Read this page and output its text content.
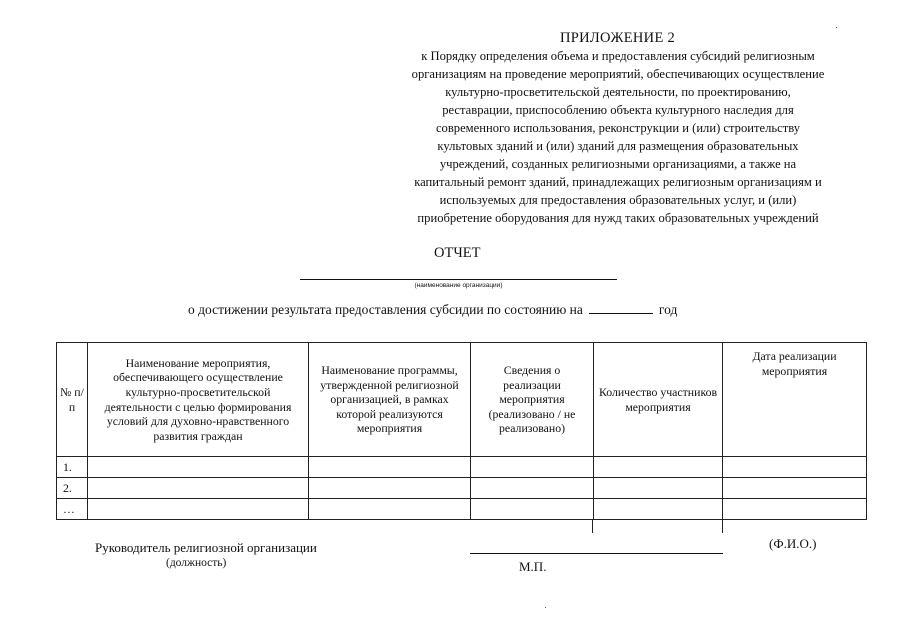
ПРИЛОЖЕНИЕ 2
к Порядку определения объема и предоставления субсидий религиозным
организациям на проведение мероприятий, обеспечивающих осуществление
культурно-просветительской деятельности, по проектированию,
реставрации, приспособлению объекта культурного наследия для
современного использования, реконструкции и (или) строительству
культовых зданий и (или) зданий для размещения образовательных
учреждений, созданных религиозными организациями, а также на
капитальный ремонт зданий, принадлежащих религиозным организациям и
используемых для предоставления образовательных услуг, и (или)
приобретение оборудования для нужд таких образовательных учреждений
ОТЧЕТ
(наименование организации)
о достижении результата предоставления субсидии по состоянию на	год
№ п/п	Наименование мероприятия, обеспечивающего осуществление культурно-просветительской деятельности с целью формирования условий для духовно-нравственного развития граждан	Наименование программы, утвержденной религиозной организацией, в рамках которой реализуются мероприятия	Сведения о реализации мероприятия (реализовано / не реализовано)	Количество участников мероприятия	Дата реализации мероприятия
1.					
2.					
…					
Руководитель религиозной организации
(должность)	М.П.
(Ф.И.О.)
